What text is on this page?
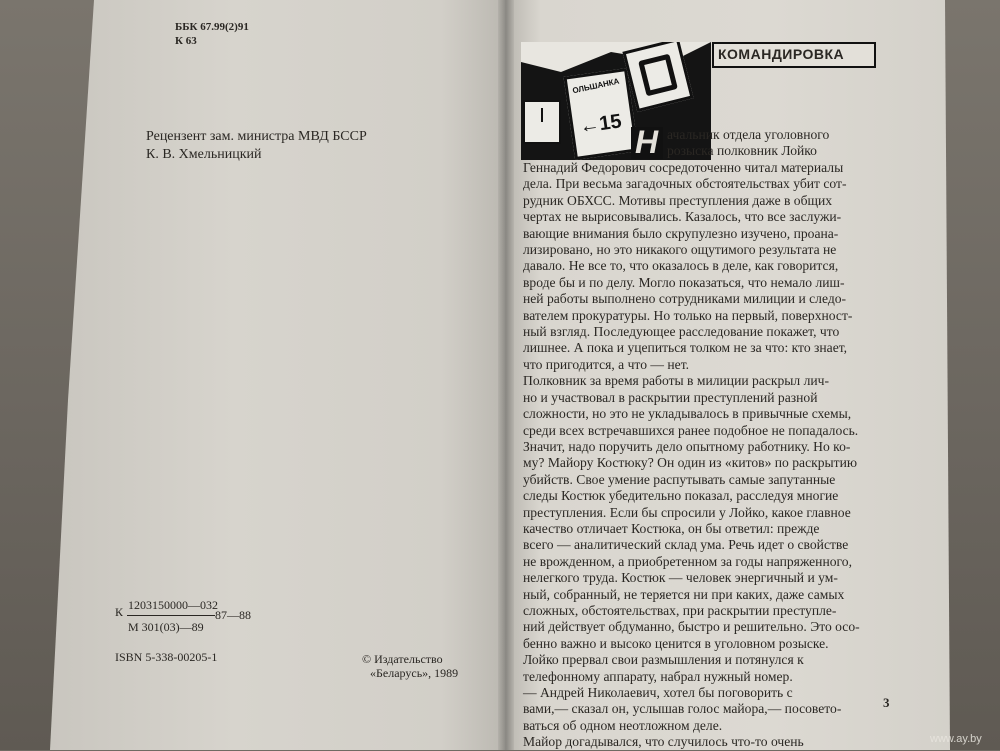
ББК 67.99(2)91
К 63
Рецензент зам. министра МВД БССР
К. В. Хмельницкий
К 1203150000—032
М 301(03)—89
87—88
ISBN 5-338-00205-1	© Издательство
«Беларусь», 1989
ОЛЬШАНКА
←15
КОМАНДИРОВКА
Н ачальник отдела уголовного
розыска полковник Лойко
Геннадий Федорович сосредоточенно читал материалы
дела. При весьма загадочных обстоятельствах убит сот-
рудник ОБХСС. Мотивы преступления даже в общих
чертах не вырисовывались. Казалось, что все заслужи-
вающие внимания было скрупулезно изучено, проана-
лизировано, но это никакого ощутимого результата не
давало. Не все то, что оказалось в деле, как говорится,
вроде бы и по делу. Могло показаться, что немало лиш-
ней работы выполнено сотрудниками милиции и следо-
вателем прокуратуры. Но только на первый, поверхност-
ный взгляд. Последующее расследование покажет, что
лишнее. А пока и уцепиться толком не за что: кто знает,
что пригодится, а что — нет.
Полковник за время работы в милиции раскрыл лич-
но и участвовал в раскрытии преступлений разной
сложности, но это не укладывалось в привычные схемы,
среди всех встречавшихся ранее подобное не попадалось.
Значит, надо поручить дело опытному работнику. Но ко-
му? Майору Костюку? Он один из «китов» по раскрытию
убийств. Свое умение распутывать самые запутанные
следы Костюк убедительно показал, расследуя многие
преступления. Если бы спросили у Лойко, какое главное
качество отличает Костюка, он бы ответил: прежде
всего — аналитический склад ума. Речь идет о свойстве
не врожденном, а приобретенном за годы напряженного,
нелегкого труда. Костюк — человек энергичный и ум-
ный, собранный, не теряется ни при каких, даже самых
сложных, обстоятельствах, при раскрытии преступле-
ний действует обдуманно, быстро и решительно. Это осо-
бенно важно и высоко ценится в уголовном розыске.
Лойко прервал свои размышления и потянулся к
телефонному аппарату, набрал нужный номер.
— Андрей Николаевич, хотел бы поговорить с
вами,— сказал он, услышав голос майора,— посовето-
ваться об одном неотложном деле.
Майор догадывался, что случилось что-то очень
3
www.ay.by
